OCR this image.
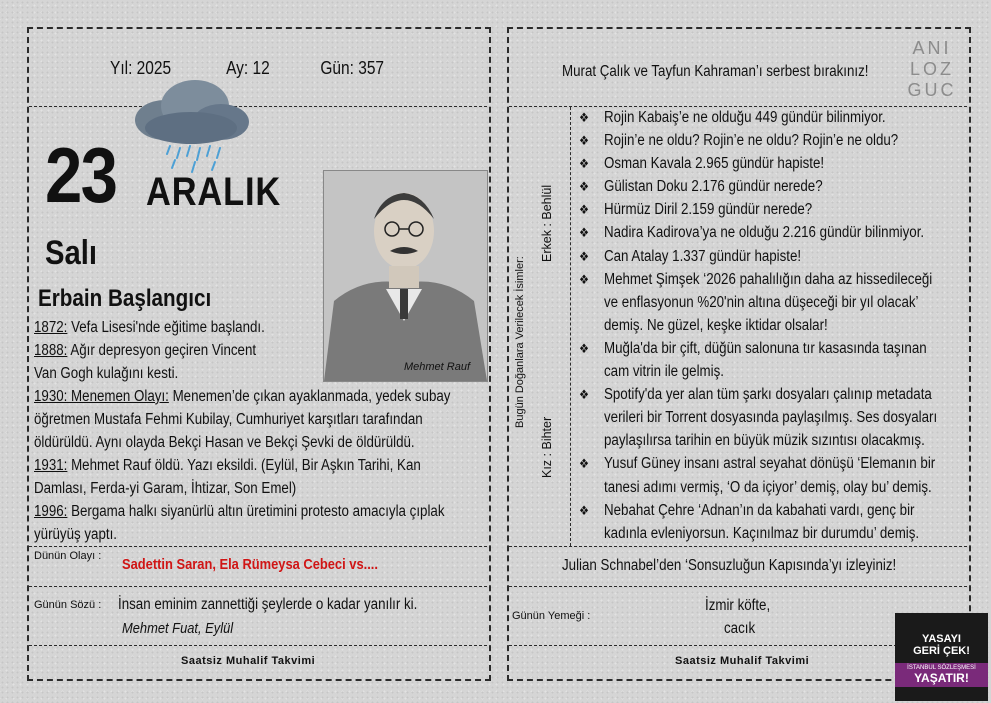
Yıl: 2025	Ay: 12	Gün: 357
23 ARALIK
Salı
Erbain Başlangıcı
Mehmet Rauf
1872: Vefa Lisesi'nde eğitime başlandı.
1888: Ağır depresyon geçiren Vincent
Van Gogh kulağını kesti.
1930: Menemen Olayı: Menemen’de çıkan ayaklanmada, yedek subay
öğretmen Mustafa Fehmi Kubilay, Cumhuriyet karşıtları tarafından
öldürüldü. Aynı olayda Bekçi Hasan ve Bekçi Şevki de öldürüldü.
1931: Mehmet Rauf öldü. Yazı eksildi. (Eylül, Bir Aşkın Tarihi, Kan
Damlası, Ferda-yi Garam, İhtizar, Son Emel)
1996: Bergama halkı siyanürlü altın üretimini protesto amacıyla çıplak
yürüyüş yaptı.
Dünün Olayı : Sadettin Saran, Ela Rümeysa Cebeci vs....
Günün Sözü : İnsan eminim zannettiği şeylerde o kadar yanılır ki.
Mehmet Fuat, Eylül
Saatsiz Muhalif Takvimi
Murat Çalık ve Tayfun Kahraman’ı serbest bırakınız!
ANI
LOZ
GUC
Bugün Doğanlara Verilecek İsimler:
Erkek : Behlül
Kız : Bihter
❖ Rojin Kabaiş’e ne olduğu 449 gündür bilinmiyor.
❖ Rojin’e ne oldu? Rojin’e ne oldu? Rojin’e ne oldu?
❖ Osman Kavala 2.965 gündür hapiste!
❖ Gülistan Doku 2.176 gündür nerede?
❖ Hürmüz Diril 2.159 gündür nerede?
❖ Nadira Kadirova’ya ne olduğu 2.216 gündür bilinmiyor.
❖ Can Atalay 1.337 gündür hapiste!
❖ Mehmet Şimşek ‘2026 pahalılığın daha az hissedileceği
ve enflasyonun %20'nin altına düşeceği bir yıl olacak’
demiş. Ne güzel, keşke iktidar olsalar!
❖ Muğla'da bir çift, düğün salonuna tır kasasında taşınan
cam vitrin ile gelmiş.
❖ Spotify'da yer alan tüm şarkı dosyaları çalınıp metadata
verileri bir Torrent dosyasında paylaşılmış. Ses dosyaları
paylaşılırsa tarihin en büyük müzik sızıntısı olacakmış.
❖ Yusuf Güney insanı astral seyahat dönüşü ‘Elemanın bir
tanesi adımı vermiş, ‘O da içiyor’ demiş, olay bu’ demiş.
❖ Nebahat Çehre ‘Adnan’ın da kabahati vardı, genç bir
kadınla evleniyorsun. Kaçınılmaz bir durumdu’ demiş.
Julian Schnabel’den ‘Sonsuzluğun Kapısında’yı izleyiniz!
Günün Yemeği :
İzmir köfte,
cacık
Saatsiz Muhalif Takvimi
YASAYI
GERİ ÇEK!
İSTANBUL SÖZLEŞMESİ
YAŞATIR!
